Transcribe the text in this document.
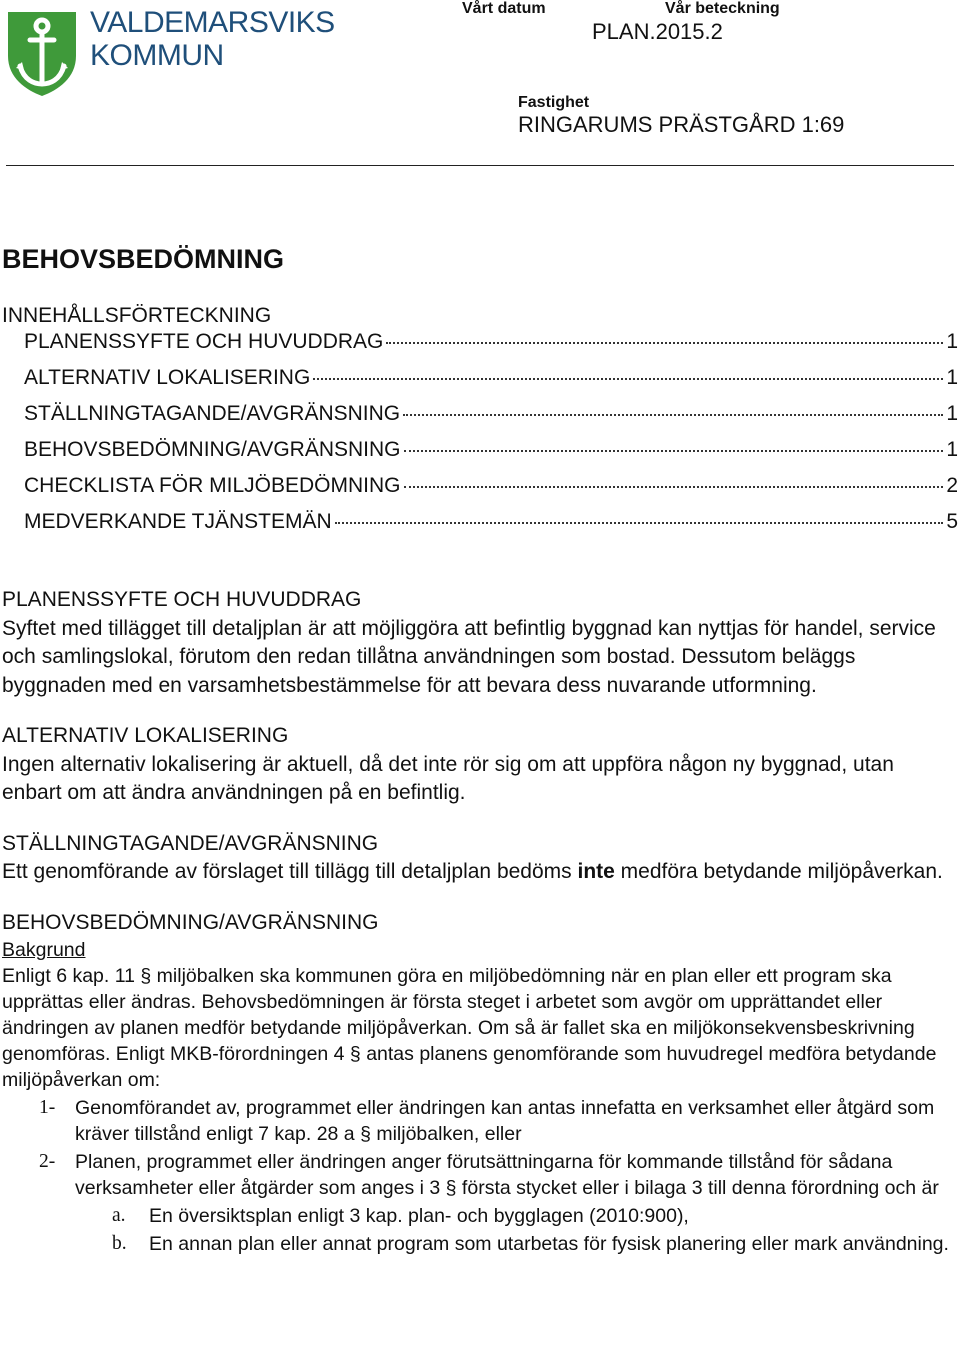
VALDEMARSVIKS
KOMMUN
Vårt datum	Vår beteckning
PLAN.2015.2
Fastighet
RINGARUMS PRÄSTGÅRD 1:69
BEHOVSBEDÖMNING
INNEHÅLLSFÖRTECKNING
PLANENSSYFTE OCH HUVUDDRAG	1
ALTERNATIV LOKALISERING	1
STÄLLNINGTAGANDE/AVGRÄNSNING	1
BEHOVSBEDÖMNING/AVGRÄNSNING	1
CHECKLISTA FÖR MILJÖBEDÖMNING	2
MEDVERKANDE TJÄNSTEMÄN	5

PLANENSSYFTE OCH HUVUDDRAG

Syftet med tillägget till detaljplan är att möjliggöra att befintlig byggnad kan nyttjas för handel, service och samlingslokal, förutom den redan tillåtna användningen som bostad. Dessutom beläggs byggnaden med en varsamhetsbestämmelse för att bevara dess nuvarande utformning.

ALTERNATIV LOKALISERING

Ingen alternativ lokalisering är aktuell, då det inte rör sig om att uppföra någon ny byggnad, utan enbart om att ändra användningen på en befintlig.

STÄLLNINGTAGANDE/AVGRÄNSNING

Ett genomförande av förslaget till tillägg till detaljplan bedöms inte medföra betydande miljöpåverkan.

BEHOVSBEDÖMNING/AVGRÄNSNING

Bakgrund

Enligt 6 kap. 11 § miljöbalken ska kommunen göra en miljöbedömning när en plan eller ett program ska upprättas eller ändras. Behovsbedömningen är första steget i arbetet som avgör om upprättandet eller ändringen av planen medför betydande miljöpåverkan. Om så är fallet ska en miljökonsekvensbeskrivning genomföras. Enligt MKB-förordningen 4 § antas planens genomförande som huvudregel medföra betydande miljöpåverkan om:

1-	Genomförandet av, programmet eller ändringen kan antas innefatta en verksamhet eller åtgärd som kräver tillstånd enligt 7 kap. 28 a § miljöbalken, eller
2-	Planen, programmet eller ändringen anger förutsättningarna för kommande tillstånd för sådana verksamheter eller åtgärder som anges i 3 § första stycket eller i bilaga 3 till denna förordning och är
a.	En översiktsplan enligt 3 kap. plan- och bygglagen (2010:900),
b.	En annan plan eller annat program som utarbetas för fysisk planering eller mark användning.
